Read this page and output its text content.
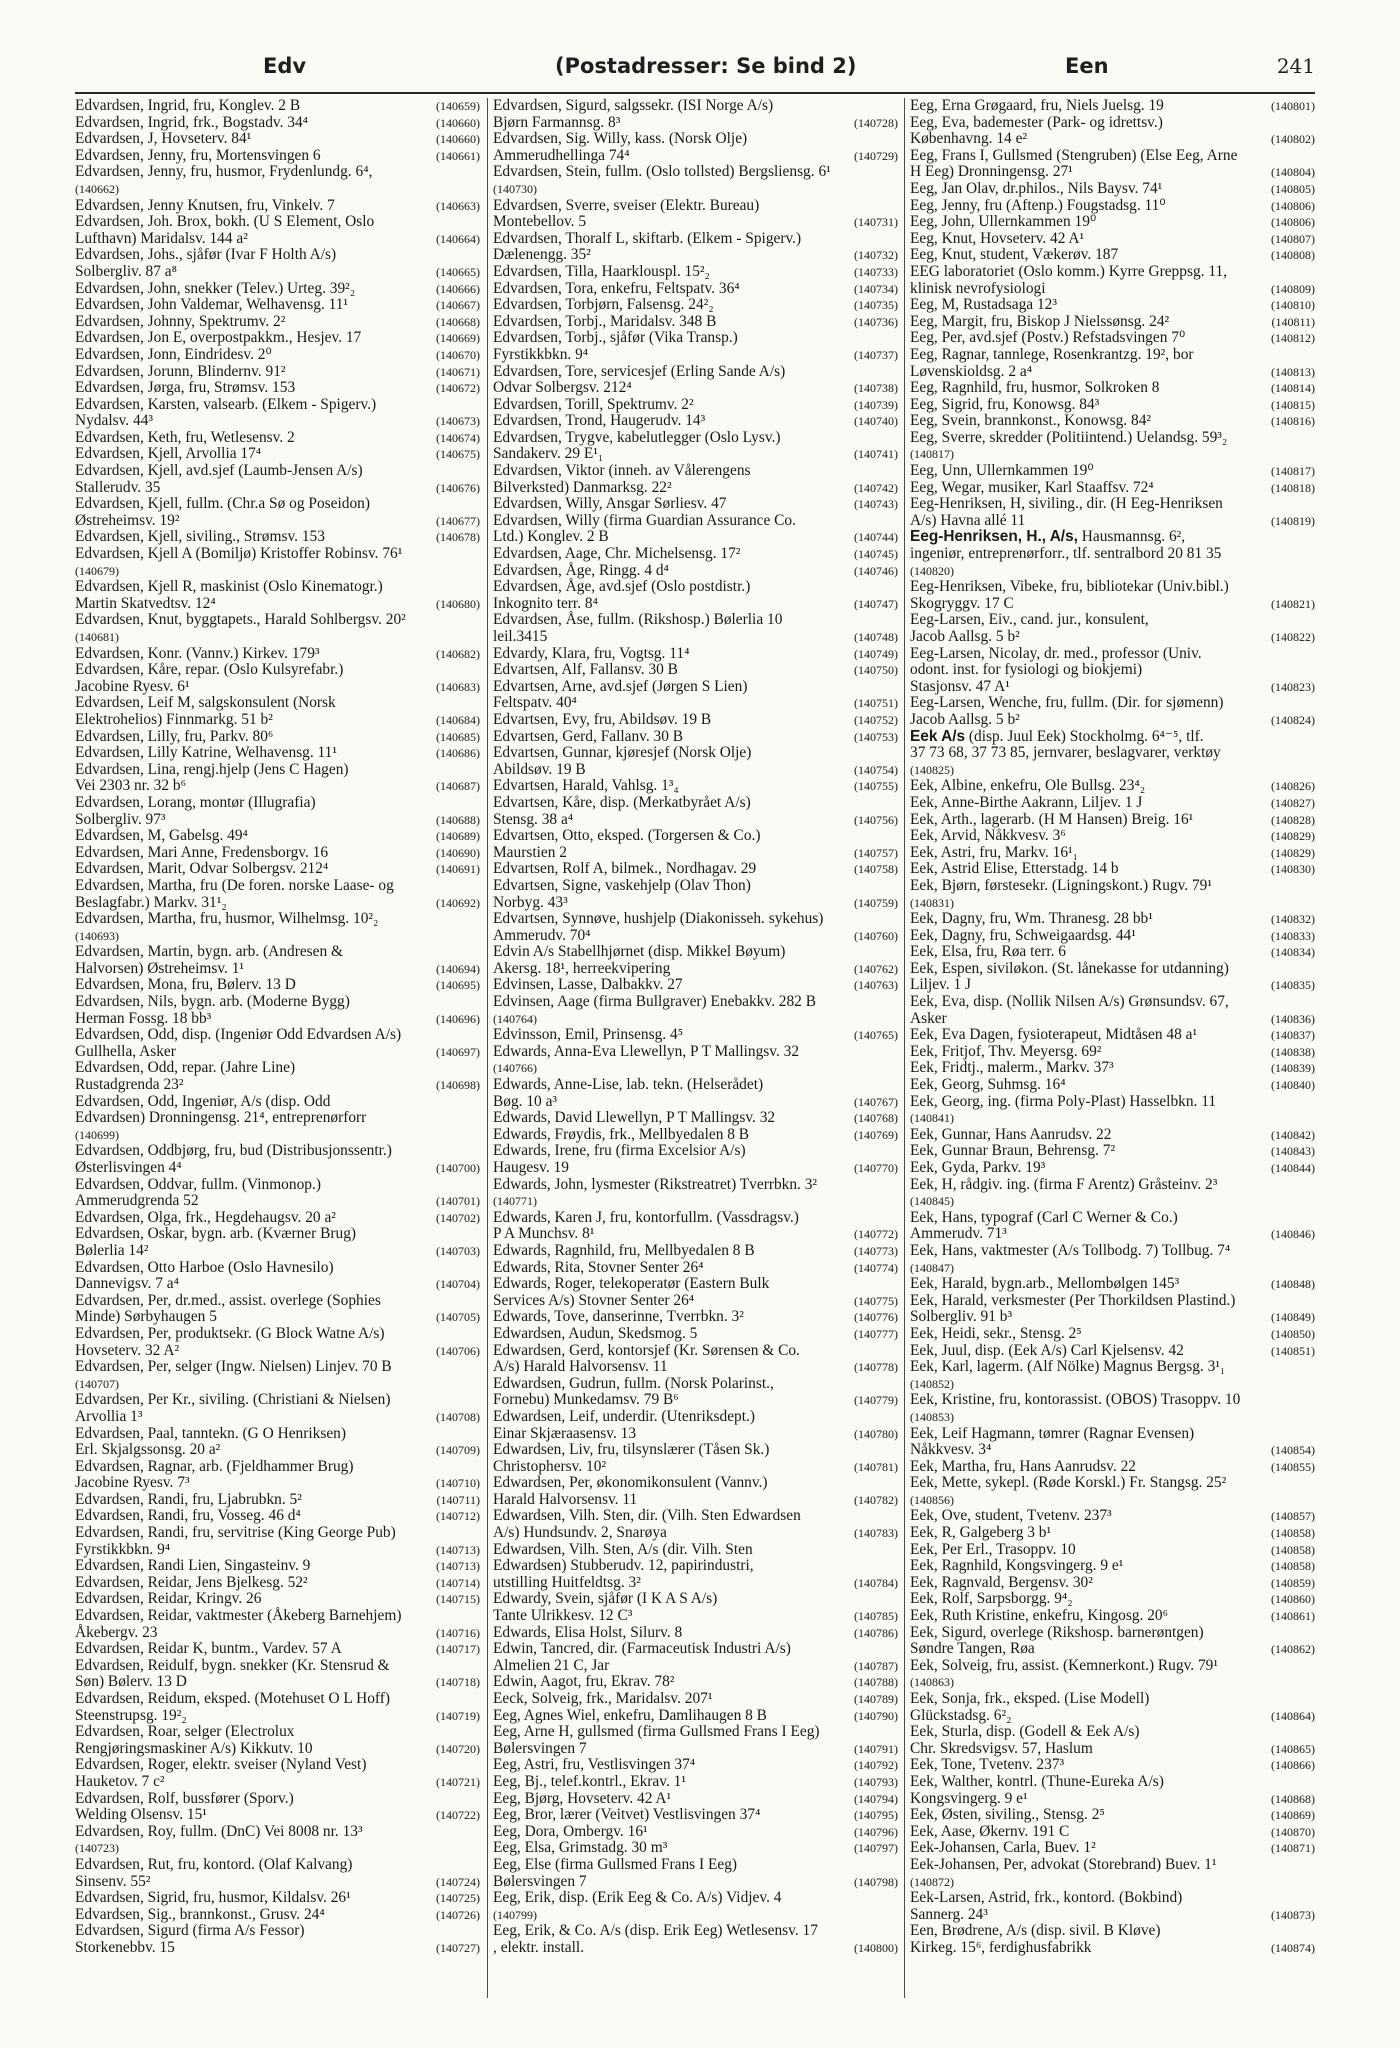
Edv	(Postadresser: Se bind 2)	Een	241
Edvardsen, Ingrid, fru, Konglev. 2 B	(140659)
Edvardsen, Ingrid, frk., Bogstadv. 34⁴	(140660)
Edvardsen, J, Hovseterv. 84¹	(140660)
Edvardsen, Jenny, fru, Mortensvingen 6	(140661)
Edvardsen, Jenny, fru, husmor, Frydenlundg. 6⁴,
(140662)
Edvardsen, Jenny Knutsen, fru, Vinkelv. 7	(140663)
Edvardsen, Joh. Brox, bokh. (U S Element, Oslo
Lufthavn) Maridalsv. 144 a²	(140664)
Edvardsen, Johs., sjåfør (Ivar F Holth A/s)
Solbergliv. 87 a⁸	(140665)
Edvardsen, John, snekker (Telev.) Urteg. 39²₂	(140666)
Edvardsen, John Valdemar, Welhavensg. 11¹	(140667)
Edvardsen, Johnny, Spektrumv. 2²	(140668)
Edvardsen, Jon E, overpostpakkm., Hesjev. 17	(140669)
Edvardsen, Jonn, Eindridesv. 2⁰	(140670)
Edvardsen, Jorunn, Blindernv. 91²	(140671)
Edvardsen, Jørga, fru, Strømsv. 153	(140672)
Edvardsen, Karsten, valsearb. (Elkem - Spigerv.)
Nydalsv. 44³	(140673)
Edvardsen, Keth, fru, Wetlesensv. 2	(140674)
Edvardsen, Kjell, Arvollia 17⁴	(140675)
Edvardsen, Kjell, avd.sjef (Laumb-Jensen A/s)
Stallerudv. 35	(140676)
Edvardsen, Kjell, fullm. (Chr.a Sø og Poseidon)
Østreheimsv. 19²	(140677)
Edvardsen, Kjell, siviling., Strømsv. 153	(140678)
Edvardsen, Kjell A (Bomiljø) Kristoffer Robinsv. 76¹
(140679)
Edvardsen, Kjell R, maskinist (Oslo Kinematogr.)
Martin Skatvedtsv. 12⁴	(140680)
Edvardsen, Knut, byggtapets., Harald Sohlbergsv. 20²
(140681)
Edvardsen, Konr. (Vannv.) Kirkev. 179³	(140682)
Edvardsen, Kåre, repar. (Oslo Kulsyrefabr.)
Jacobine Ryesv. 6¹	(140683)
Edvardsen, Leif M, salgskonsulent (Norsk
Elektrohelios) Finnmarkg. 51 b²	(140684)
Edvardsen, Lilly, fru, Parkv. 80⁶	(140685)
Edvardsen, Lilly Katrine, Welhavensg. 11¹	(140686)
Edvardsen, Lina, rengj.hjelp (Jens C Hagen)
Vei 2303 nr. 32 b⁶	(140687)
Edvardsen, Lorang, montør (Illugrafia)
Solbergliv. 97³	(140688)
Edvardsen, M, Gabelsg. 49⁴	(140689)
Edvardsen, Mari Anne, Fredensborgv. 16	(140690)
Edvardsen, Marit, Odvar Solbergsv. 212⁴	(140691)
Edvardsen, Martha, fru (De foren. norske Laase- og
Beslagfabr.) Markv. 31¹₂	(140692)
Edvardsen, Martha, fru, husmor, Wilhelmsg. 10²₂
(140693)
Edvardsen, Martin, bygn. arb. (Andresen &
Halvorsen) Østreheimsv. 1¹	(140694)
Edvardsen, Mona, fru, Bølerv. 13 D	(140695)
Edvardsen, Nils, bygn. arb. (Moderne Bygg)
Herman Fossg. 18 bb³	(140696)
Edvardsen, Odd, disp. (Ingeniør Odd Edvardsen A/s)
Gullhella, Asker	(140697)
Edvardsen, Odd, repar. (Jahre Line)
Rustadgrenda 23²	(140698)
Edvardsen, Odd, Ingeniør, A/s (disp. Odd
Edvardsen) Dronningensg. 21⁴, entreprenørforr
(140699)
Edvardsen, Oddbjørg, fru, bud (Distribusjonssentr.)
Østerlisvingen 4⁴	(140700)
Edvardsen, Oddvar, fullm. (Vinmonop.)
Ammerudgrenda 52	(140701)
Edvardsen, Olga, frk., Hegdehaugsv. 20 a²	(140702)
Edvardsen, Oskar, bygn. arb. (Kværner Brug)
Bølerlia 14²	(140703)
Edvardsen, Otto Harboe (Oslo Havnesilo)
Dannevigsv. 7 a⁴	(140704)
Edvardsen, Per, dr.med., assist. overlege (Sophies
Minde) Sørbyhaugen 5	(140705)
Edvardsen, Per, produktsekr. (G Block Watne A/s)
Hovseterv. 32 A²	(140706)
Edvardsen, Per, selger (Ingw. Nielsen) Linjev. 70 B
(140707)
Edvardsen, Per Kr., siviling. (Christiani & Nielsen)
Arvollia 1³	(140708)
Edvardsen, Paal, tanntekn. (G O Henriksen)
Erl. Skjalgssonsg. 20 a²	(140709)
Edvardsen, Ragnar, arb. (Fjeldhammer Brug)
Jacobine Ryesv. 7³	(140710)
Edvardsen, Randi, fru, Ljabrubkn. 5²	(140711)
Edvardsen, Randi, fru, Vosseg. 46 d⁴	(140712)
Edvardsen, Randi, fru, servitrise (King George Pub)
Fyrstikkbkn. 9⁴	(140713)
Edvardsen, Randi Lien, Singasteinv. 9	(140713)
Edvardsen, Reidar, Jens Bjelkesg. 52²	(140714)
Edvardsen, Reidar, Kringv. 26	(140715)
Edvardsen, Reidar, vaktmester (Åkeberg Barnehjem)
Åkebergv. 23	(140716)
Edvardsen, Reidar K, buntm., Vardev. 57 A	(140717)
Edvardsen, Reidulf, bygn. snekker (Kr. Stensrud &
Søn) Bølerv. 13 D	(140718)
Edvardsen, Reidum, eksped. (Motehuset O L Hoff)
Steenstrupsg. 19²₂	(140719)
Edvardsen, Roar, selger (Electrolux
Rengjøringsmaskiner A/s) Kikkutv. 10	(140720)
Edvardsen, Roger, elektr. sveiser (Nyland Vest)
Hauketov. 7 c²	(140721)
Edvardsen, Rolf, bussfører (Sporv.)
Welding Olsensv. 15¹	(140722)
Edvardsen, Roy, fullm. (DnC) Vei 8008 nr. 13³
(140723)
Edvardsen, Rut, fru, kontord. (Olaf Kalvang)
Sinsenv. 55²	(140724)
Edvardsen, Sigrid, fru, husmor, Kildalsv. 26¹	(140725)
Edvardsen, Sig., brannkonst., Grusv. 24⁴	(140726)
Edvardsen, Sigurd (firma A/s Fessor)
Storkenebbv. 15	(140727)
Edvardsen, Sigurd, salgssekr. (ISI Norge A/s)
Bjørn Farmannsg. 8³	(140728)
Edvardsen, Sig. Willy, kass. (Norsk Olje)
Ammerudhellinga 74⁴	(140729)
Edvardsen, Stein, fullm. (Oslo tollsted) Bergsliensg. 6¹
(140730)
Edvardsen, Sverre, sveiser (Elektr. Bureau)
Montebellov. 5	(140731)
Edvardsen, Thoralf L, skiftarb. (Elkem - Spigerv.)
Dælenengg. 35²	(140732)
Edvardsen, Tilla, Haarklouspl. 15²₂	(140733)
Edvardsen, Tora, enkefru, Feltspatv. 36⁴	(140734)
Edvardsen, Torbjørn, Falsensg. 24²₂	(140735)
Edvardsen, Torbj., Maridalsv. 348 B	(140736)
Edvardsen, Torbj., sjåfør (Vika Transp.)
Fyrstikkbkn. 9⁴	(140737)
Edvardsen, Tore, servicesjef (Erling Sande A/s)
Odvar Solbergsv. 212⁴	(140738)
Edvardsen, Torill, Spektrumv. 2²	(140739)
Edvardsen, Trond, Haugerudv. 14³	(140740)
Edvardsen, Trygve, kabelutlegger (Oslo Lysv.)
Sandakerv. 29 E¹₁	(140741)
Edvardsen, Viktor (inneh. av Vålerengens
Bilverksted) Danmarksg. 22²	(140742)
Edvardsen, Willy, Ansgar Sørliesv. 47	(140743)
Edvardsen, Willy (firma Guardian Assurance Co.
Ltd.) Konglev. 2 B	(140744)
Edvardsen, Aage, Chr. Michelsensg. 17²	(140745)
Edvardsen, Åge, Ringg. 4 d⁴	(140746)
Edvardsen, Åge, avd.sjef (Oslo postdistr.)
Inkognito terr. 8⁴	(140747)
Edvardsen, Åse, fullm. (Rikshosp.) Bølerlia 10
leil.3415	(140748)
Edvardy, Klara, fru, Vogtsg. 11⁴	(140749)
Edvartsen, Alf, Fallansv. 30 B	(140750)
Edvartsen, Arne, avd.sjef (Jørgen S Lien)
Feltspatv. 40⁴	(140751)
Edvartsen, Evy, fru, Abildsøv. 19 B	(140752)
Edvartsen, Gerd, Fallanv. 30 B	(140753)
Edvartsen, Gunnar, kjøresjef (Norsk Olje)
Abildsøv. 19 B	(140754)
Edvartsen, Harald, Vahlsg. 1³₄	(140755)
Edvartsen, Kåre, disp. (Merkatbyrået A/s)
Stensg. 38 a⁴	(140756)
Edvartsen, Otto, eksped. (Torgersen & Co.)
Maurstien 2	(140757)
Edvartsen, Rolf A, bilmek., Nordhagav. 29	(140758)
Edvartsen, Signe, vaskehjelp (Olav Thon)
Norbyg. 43³	(140759)
Edvartsen, Synnøve, hushjelp (Diakonisseh. sykehus)
Ammerudv. 70⁴	(140760)
Edvin A/s Stabellhjørnet (disp. Mikkel Bøyum)
Akersg. 18¹, herreekvipering	(140762)
Edvinsen, Lasse, Dalbakkv. 27	(140763)
Edvinsen, Aage (firma Bullgraver) Enebakkv. 282 B
(140764)
Edvinsson, Emil, Prinsensg. 4⁵	(140765)
Edwards, Anna-Eva Llewellyn, P T Mallingsv. 32
(140766)
Edwards, Anne-Lise, lab. tekn. (Helserådet)
Bøg. 10 a³	(140767)
Edwards, David Llewellyn, P T Mallingsv. 32	(140768)
Edwards, Frøydis, frk., Mellbyedalen 8 B	(140769)
Edwards, Irene, fru (firma Excelsior A/s)
Haugesv. 19	(140770)
Edwards, John, lysmester (Rikstreatret) Tverrbkn. 3²
(140771)
Edwards, Karen J, fru, kontorfullm. (Vassdragsv.)
P A Munchsv. 8¹	(140772)
Edwards, Ragnhild, fru, Mellbyedalen 8 B	(140773)
Edwards, Rita, Stovner Senter 26⁴	(140774)
Edwards, Roger, telekoperatør (Eastern Bulk
Services A/s) Stovner Senter 26⁴	(140775)
Edwards, Tove, danserinne, Tverrbkn. 3²	(140776)
Edwardsen, Audun, Skedsmog. 5	(140777)
Edwardsen, Gerd, kontorsjef (Kr. Sørensen & Co.
A/s) Harald Halvorsensv. 11	(140778)
Edwardsen, Gudrun, fullm. (Norsk Polarinst.,
Fornebu) Munkedamsv. 79 B⁶	(140779)
Edwardsen, Leif, underdir. (Utenriksdept.)
Einar Skjæraasensv. 13	(140780)
Edwardsen, Liv, fru, tilsynslærer (Tåsen Sk.)
Christophersv. 10²	(140781)
Edwardsen, Per, økonomikonsulent (Vannv.)
Harald Halvorsensv. 11	(140782)
Edwardsen, Vilh. Sten, dir. (Vilh. Sten Edwardsen
A/s) Hundsundv. 2, Snarøya	(140783)
Edwardsen, Vilh. Sten, A/s (dir. Vilh. Sten
Edwardsen) Stubberudv. 12, papirindustri,
utstilling Huitfeldtsg. 3²	(140784)
Edwardy, Svein, sjåfør (I K A S A/s)
Tante Ulrikkesv. 12 C³	(140785)
Edwards, Elisa Holst, Silurv. 8	(140786)
Edwin, Tancred, dir. (Farmaceutisk Industri A/s)
Almelien 21 C, Jar	(140787)
Edwin, Aagot, fru, Ekrav. 78²	(140788)
Eeck, Solveig, frk., Maridalsv. 207¹	(140789)
Eeg, Agnes Wiel, enkefru, Damlihaugen 8 B	(140790)
Eeg, Arne H, gullsmed (firma Gullsmed Frans I Eeg)
Bølersvingen 7	(140791)
Eeg, Astri, fru, Vestlisvingen 37⁴	(140792)
Eeg, Bj., telef.kontrl., Ekrav. 1¹	(140793)
Eeg, Bjørg, Hovseterv. 42 A¹	(140794)
Eeg, Bror, lærer (Veitvet) Vestlisvingen 37⁴	(140795)
Eeg, Dora, Ombergv. 16¹	(140796)
Eeg, Elsa, Grimstadg. 30 m³	(140797)
Eeg, Else (firma Gullsmed Frans I Eeg)
Bølersvingen 7	(140798)
Eeg, Erik, disp. (Erik Eeg & Co. A/s) Vidjev. 4
(140799)
Eeg, Erik, & Co. A/s (disp. Erik Eeg) Wetlesensv. 17
, elektr. install.	(140800)
Eeg, Erna Grøgaard, fru, Niels Juelsg. 19	(140801)
Eeg, Eva, bademester (Park- og idrettsv.)
Københavng. 14 e²	(140802)
Eeg, Frans I, Gullsmed (Stengruben) (Else Eeg, Arne
H Eeg) Dronningensg. 27¹	(140804)
Eeg, Jan Olav, dr.philos., Nils Baysv. 74¹	(140805)
Eeg, Jenny, fru (Aftenp.) Fougstadsg. 11⁰	(140806)
Eeg, John, Ullernkammen 19⁰	(140806)
Eeg, Knut, Hovseterv. 42 A¹	(140807)
Eeg, Knut, student, Vækerøv. 187	(140808)
EEG laboratoriet (Oslo komm.) Kyrre Greppsg. 11,
klinisk nevrofysiologi	(140809)
Eeg, M, Rustadsaga 12³	(140810)
Eeg, Margit, fru, Biskop J Nielssønsg. 24²	(140811)
Eeg, Per, avd.sjef (Postv.) Refstadsvingen 7⁰	(140812)
Eeg, Ragnar, tannlege, Rosenkrantzg. 19², bor
Løvenskioldsg. 2 a⁴	(140813)
Eeg, Ragnhild, fru, husmor, Solkroken 8	(140814)
Eeg, Sigrid, fru, Konowsg. 84³	(140815)
Eeg, Svein, brannkonst., Konowsg. 84²	(140816)
Eeg, Sverre, skredder (Politiintend.) Uelandsg. 59³₂
(140817)
Eeg, Unn, Ullernkammen 19⁰	(140817)
Eeg, Wegar, musiker, Karl Staaffsv. 72⁴	(140818)
Eeg-Henriksen, H, siviling., dir. (H Eeg-Henriksen
A/s) Havna allé 11	(140819)
Eeg-Henriksen, H., A/s, Hausmannsg. 6²,
ingeniør, entreprenørforr., tlf. sentralbord 20 81 35
(140820)
Eeg-Henriksen, Vibeke, fru, bibliotekar (Univ.bibl.)
Skogryggv. 17 C	(140821)
Eeg-Larsen, Eiv., cand. jur., konsulent,
Jacob Aallsg. 5 b²	(140822)
Eeg-Larsen, Nicolay, dr. med., professor (Univ.
odont. inst. for fysiologi og biokjemi)
Stasjonsv. 47 A¹	(140823)
Eeg-Larsen, Wenche, fru, fullm. (Dir. for sjømenn)
Jacob Aallsg. 5 b²	(140824)
Eek A/s (disp. Juul Eek) Stockholmg. 6⁴⁻⁵, tlf.
37 73 68, 37 73 85, jernvarer, beslagvarer, verktøy
(140825)
Eek, Albine, enkefru, Ole Bullsg. 23⁴₂	(140826)
Eek, Anne-Birthe Aakrann, Liljev. 1 J	(140827)
Eek, Arth., lagerarb. (H M Hansen) Breig. 16¹	(140828)
Eek, Arvid, Nåkkvesv. 3⁶	(140829)
Eek, Astri, fru, Markv. 16¹₁	(140829)
Eek, Astrid Elise, Etterstadg. 14 b	(140830)
Eek, Bjørn, førstesekr. (Ligningskont.) Rugv. 79¹
(140831)
Eek, Dagny, fru, Wm. Thranesg. 28 bb¹	(140832)
Eek, Dagny, fru, Schweigaardsg. 44¹	(140833)
Eek, Elsa, fru, Røa terr. 6	(140834)
Eek, Espen, siviløkon. (St. lånekasse for utdanning)
Liljev. 1 J	(140835)
Eek, Eva, disp. (Nollik Nilsen A/s) Grønsundsv. 67,
Asker	(140836)
Eek, Eva Dagen, fysioterapeut, Midtåsen 48 a¹	(140837)
Eek, Fritjof, Thv. Meyersg. 69²	(140838)
Eek, Fridtj., malerm., Markv. 37³	(140839)
Eek, Georg, Suhmsg. 16⁴	(140840)
Eek, Georg, ing. (firma Poly-Plast) Hasselbkn. 11
(140841)
Eek, Gunnar, Hans Aanrudsv. 22	(140842)
Eek, Gunnar Braun, Behrensg. 7²	(140843)
Eek, Gyda, Parkv. 19³	(140844)
Eek, H, rådgiv. ing. (firma F Arentz) Gråsteinv. 2³
(140845)
Eek, Hans, typograf (Carl C Werner & Co.)
Ammerudv. 71³	(140846)
Eek, Hans, vaktmester (A/s Tollbodg. 7) Tollbug. 7⁴
(140847)
Eek, Harald, bygn.arb., Mellombølgen 145³	(140848)
Eek, Harald, verksmester (Per Thorkildsen Plastind.)
Solbergliv. 91 b³	(140849)
Eek, Heidi, sekr., Stensg. 2⁵	(140850)
Eek, Juul, disp. (Eek A/s) Carl Kjelsensv. 42	(140851)
Eek, Karl, lagerm. (Alf Nölke) Magnus Bergsg. 3¹₁
(140852)
Eek, Kristine, fru, kontorassist. (OBOS) Trasoppv. 10
(140853)
Eek, Leif Hagmann, tømrer (Ragnar Evensen)
Nåkkvesv. 3⁴	(140854)
Eek, Martha, fru, Hans Aanrudsv. 22	(140855)
Eek, Mette, sykepl. (Røde Korskl.) Fr. Stangsg. 25²
(140856)
Eek, Ove, student, Tvetenv. 237³	(140857)
Eek, R, Galgeberg 3 b¹	(140858)
Eek, Per Erl., Trasoppv. 10	(140858)
Eek, Ragnhild, Kongsvingerg. 9 e¹	(140858)
Eek, Ragnvald, Bergensv. 30²	(140859)
Eek, Rolf, Sarpsborgg. 9⁴₂	(140860)
Eek, Ruth Kristine, enkefru, Kingosg. 20⁶	(140861)
Eek, Sigurd, overlege (Rikshosp. barnerøntgen)
Søndre Tangen, Røa	(140862)
Eek, Solveig, fru, assist. (Kemnerkont.) Rugv. 79¹
(140863)
Eek, Sonja, frk., eksped. (Lise Modell)
Glückstadsg. 6²₂	(140864)
Eek, Sturla, disp. (Godell & Eek A/s)
Chr. Skredsvigsv. 57, Haslum	(140865)
Eek, Tone, Tvetenv. 237³	(140866)
Eek, Walther, kontrl. (Thune-Eureka A/s)
Kongsvingerg. 9 e¹	(140868)
Eek, Østen, siviling., Stensg. 2⁵	(140869)
Eek, Aase, Økernv. 191 C	(140870)
Eek-Johansen, Carla, Buev. 1²	(140871)
Eek-Johansen, Per, advokat (Storebrand) Buev. 1¹
(140872)
Eek-Larsen, Astrid, frk., kontord. (Bokbind)
Sannerg. 24³	(140873)
Een, Brødrene, A/s (disp. sivil. B Kløve)
Kirkeg. 15⁶, ferdighusfabrikk	(140874)
